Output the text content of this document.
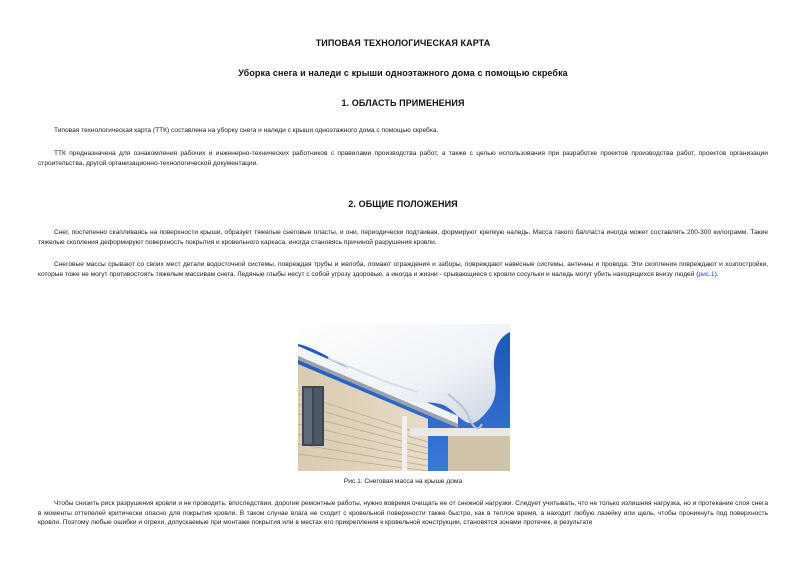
ТИПОВАЯ ТЕХНОЛОГИЧЕСКАЯ КАРТА
Уборка снега и наледи с крыши одноэтажного дома с помощью скребка
1. ОБЛАСТЬ ПРИМЕНЕНИЯ
Типовая технологическая карта (ТТК) составлена на уборку снега и наледи с крыши одноэтажного дома с помощью скребка.
ТТК предназначена для ознакомления рабочих и инженерно-технических работников с правилами производства работ, а также с целью использования при разработке проектов производства работ, проектов организации строительства, другой организационно-технологической документации.
2. ОБЩИЕ ПОЛОЖЕНИЯ
Снег, постепенно скапливаясь на поверхности крыши, образует тяжелые снеговые пласты, и они, периодически подтаивая, формируют крепкую наледь. Масса такого балласта иногда может составлять 200-300 килограмм. Такие тяжелые скопления деформируют поверхность покрытия и кровельного каркаса, иногда становясь причиной разрушения кровли.
Снеговые массы срывают со своих мест детали водосточной системы, повреждая трубы и желоба, ломают ограждения и заборы, повреждают навесные системы, антенны и провода. Эти скопления повреждают и хозпостройки, которые тоже не могут противостоять тяжелым массивам снега. Ледяные глыбы несут с собой угрозу здоровью, а иногда и жизни - срывающиеся с кровли сосульки и наледь могут убить находящихся внизу людей (рис.1).
Рис.1. Снеговая масса на крыше дома
Чтобы снизить риск разрушения кровли и не проводить, впоследствии, дорогие ремонтные работы, нужно вовремя очищать ее от снежной нагрузки. Следует учитывать, что не только излишняя нагрузка, но и протекание слоя снега в моменты оттепелей критически опасно для покрытия кровли. В таком случае влага не сходит с кровельной поверхности также быстро, как в теплое время, а находит любую лазейку или щель, чтобы проникнуть под поверхность кровли. Поэтому любые ошибки и огрехи, допускаемые при монтаже покрытия или в местах его прикрепления к кровельной конструкции, становятся зонами протечек, в результате
